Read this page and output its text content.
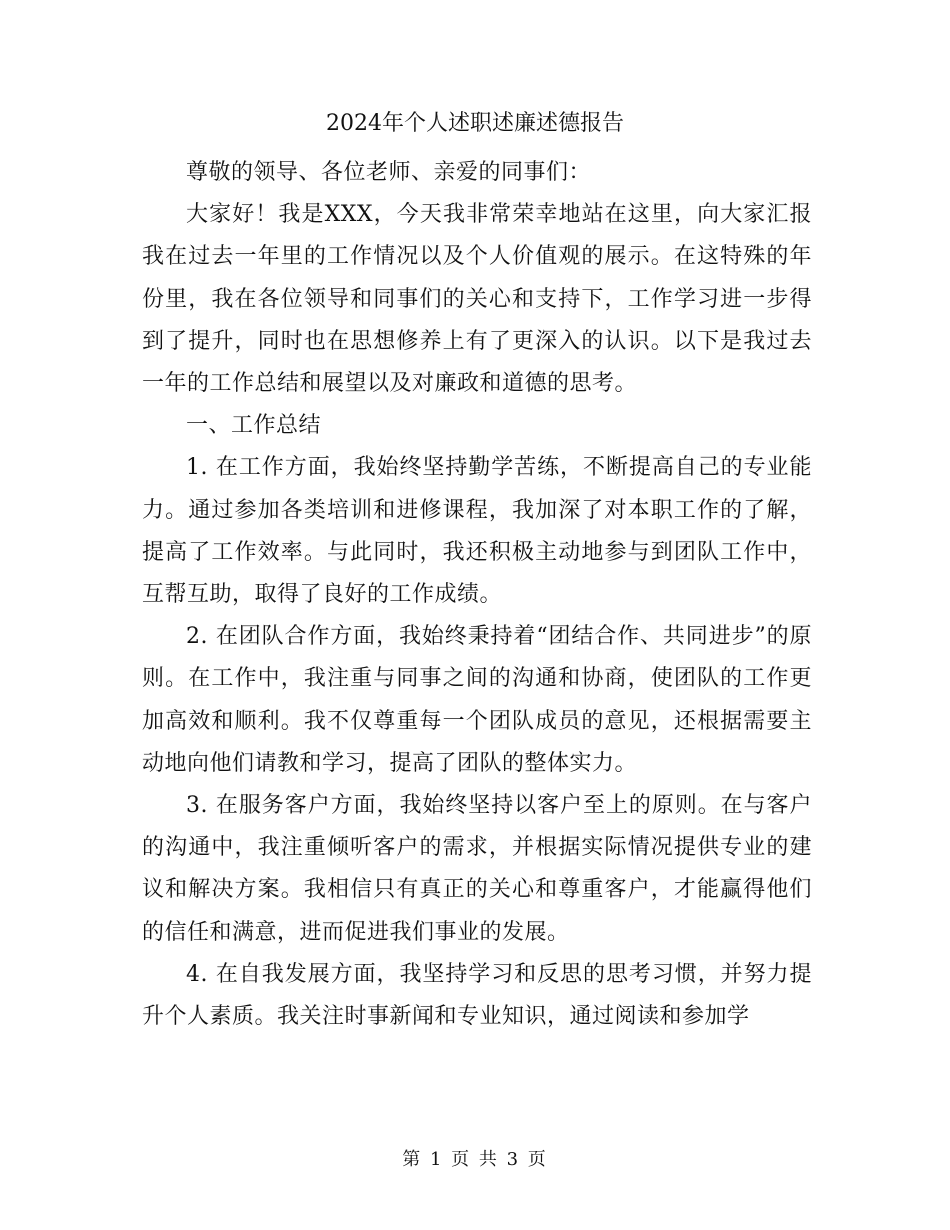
2024年个人述职述廉述德报告

尊敬的领导、各位老师、亲爱的同事们：

大家好！我是XXX，今天我非常荣幸地站在这里，向大家汇报我在过去一年里的工作情况以及个人价值观的展示。在这特殊的年份里，我在各位领导和同事们的关心和支持下，工作学习进一步得到了提升，同时也在思想修养上有了更深入的认识。以下是我过去一年的工作总结和展望以及对廉政和道德的思考。

一、工作总结

1. 在工作方面，我始终坚持勤学苦练，不断提高自己的专业能力。通过参加各类培训和进修课程，我加深了对本职工作的了解，提高了工作效率。与此同时，我还积极主动地参与到团队工作中，互帮互助，取得了良好的工作成绩。

2. 在团队合作方面，我始终秉持着“团结合作、共同进步”的原则。在工作中，我注重与同事之间的沟通和协商，使团队的工作更加高效和顺利。我不仅尊重每一个团队成员的意见，还根据需要主动地向他们请教和学习，提高了团队的整体实力。

3. 在服务客户方面，我始终坚持以客户至上的原则。在与客户的沟通中，我注重倾听客户的需求，并根据实际情况提供专业的建议和解决方案。我相信只有真正的关心和尊重客户，才能赢得他们的信任和满意，进而促进我们事业的发展。

4. 在自我发展方面，我坚持学习和反思的思考习惯，并努力提升个人素质。我关注时事新闻和专业知识，通过阅读和参加学

第 1 页 共 3 页
